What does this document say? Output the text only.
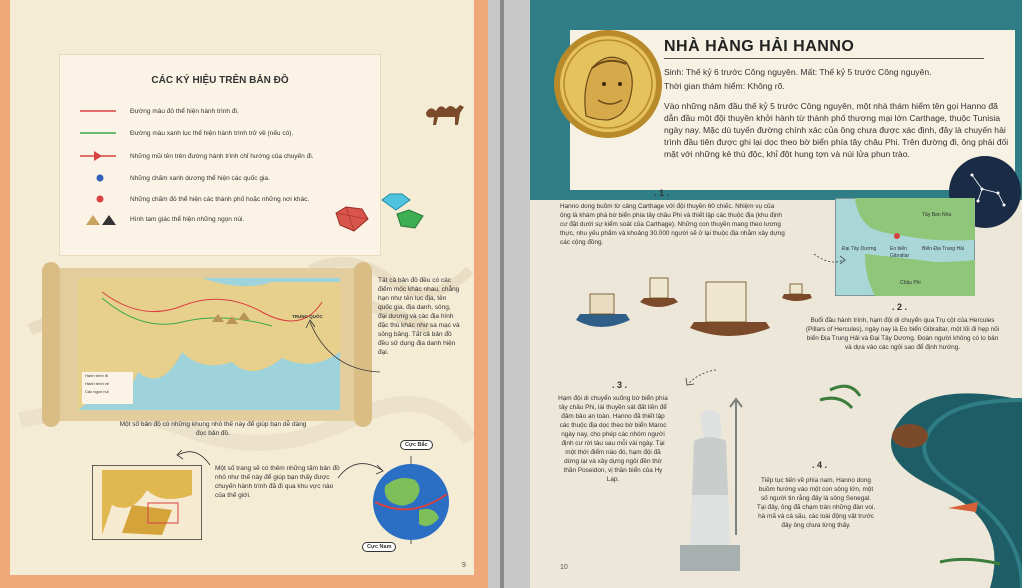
CÁC KÝ HIỆU TRÊN BẢN ĐỒ
Đường màu đỏ thể hiện hành trình đi.
Đường màu xanh lục thể hiện hành trình trở về (nếu có).
Những mũi tên trên đường hành trình chỉ hướng của chuyến đi.
Những chấm xanh dương thể hiện các quốc gia.
Những chấm đỏ thể hiện các thành phố hoặc những nơi khác.
Hình tam giác thể hiện những ngọn núi.
TRUNG QUỐC
Hành trình đi
Hành trình về
Các ngọn núi
Tất cả bản đồ đều có các điểm mốc khác nhau, chẳng hạn như tên lục địa, tên quốc gia, địa danh, sông, đại dương và các địa hình đặc thù khác như sa mạc và sông băng. Tất cả bản đồ đều sử dụng địa danh hiện đại.
Một số bản đồ có những khung nhỏ thế này để giúp bạn dễ dàng đọc bản đồ.
Một số trang sẽ có thêm những tấm bản đồ nhỏ như thế này để giúp bạn thấy được chuyến hành trình đã đi qua khu vực nào của thế giới.
Cực Bắc
Cực Nam
9
NHÀ HÀNG HẢI HANNO
Sinh: Thế kỷ 6 trước Công nguyên. Mất: Thế kỷ 5 trước Công nguyên.
Thời gian thám hiểm: Không rõ.
Vào những năm đầu thế kỷ 5 trước Công nguyên, một nhà thám hiểm tên gọi Hanno đã dẫn đầu một đội thuyền khởi hành từ thành phố thương mại lớn Carthage, thuộc Tunisia ngày nay. Mặc dù tuyến đường chính xác của ông chưa được xác định, đây là chuyến hải trình đầu tiên được ghi lại dọc theo bờ biển phía tây châu Phi. Trên đường đi, ông phải đối mặt với những kẻ thù độc, khỉ đột hung tợn và núi lửa phun trào.
. 1 .
Hanno dong buồm từ cảng Carthage với đội thuyền 60 chiếc. Nhiệm vụ của ông là khám phá bờ biển phía tây châu Phi và thiết lập các thuộc địa (khu định cư đặt dưới sự kiểm soát của Carthage). Những con thuyền mang theo lương thực, nhu yếu phẩm và khoảng 30.000 người sẽ ở lại thuộc địa nhằm xây dựng các cộng đồng.
Tây Ban Nha
Đại Tây Dương	Eo biển Gibraltar
Biển Địa Trung Hải
Châu Phi
. 2 .
Buổi đầu hành trình, hạm đội di chuyển qua Trụ cột của Hercules (Pillars of Hercules), ngày nay là Eo biển Gibraltar, một lối đi hẹp nối biển Địa Trung Hải và Đại Tây Dương. Đoàn người không có lo bản và dựa vào các ngôi sao để định hướng.
. 3 .
Hạm đội di chuyển xuống bờ biển phía tây châu Phi, lái thuyền sát đất liền để đảm bảo an toàn. Hanno đã thiết lập các thuộc địa dọc theo bờ biển Maroc ngày nay, cho phép các nhóm người định cư rời tàu sau mỗi vài ngày. Tại một thời điểm nào đó, hạm đội đã dừng lại và xây dựng ngôi đền thờ thần Poseidon, vị thần biển của Hy Lạp.
. 4 .
Tiếp tục tiến về phía nam, Hanno dong buồm hướng vào một con sông lớn, một số người tin rằng đây là sông Senegal. Tại đây, ông đã chạm trán những đàn voi, hà mã và cá sấu, các loài động vật trước đây ông chưa từng thấy.
10
